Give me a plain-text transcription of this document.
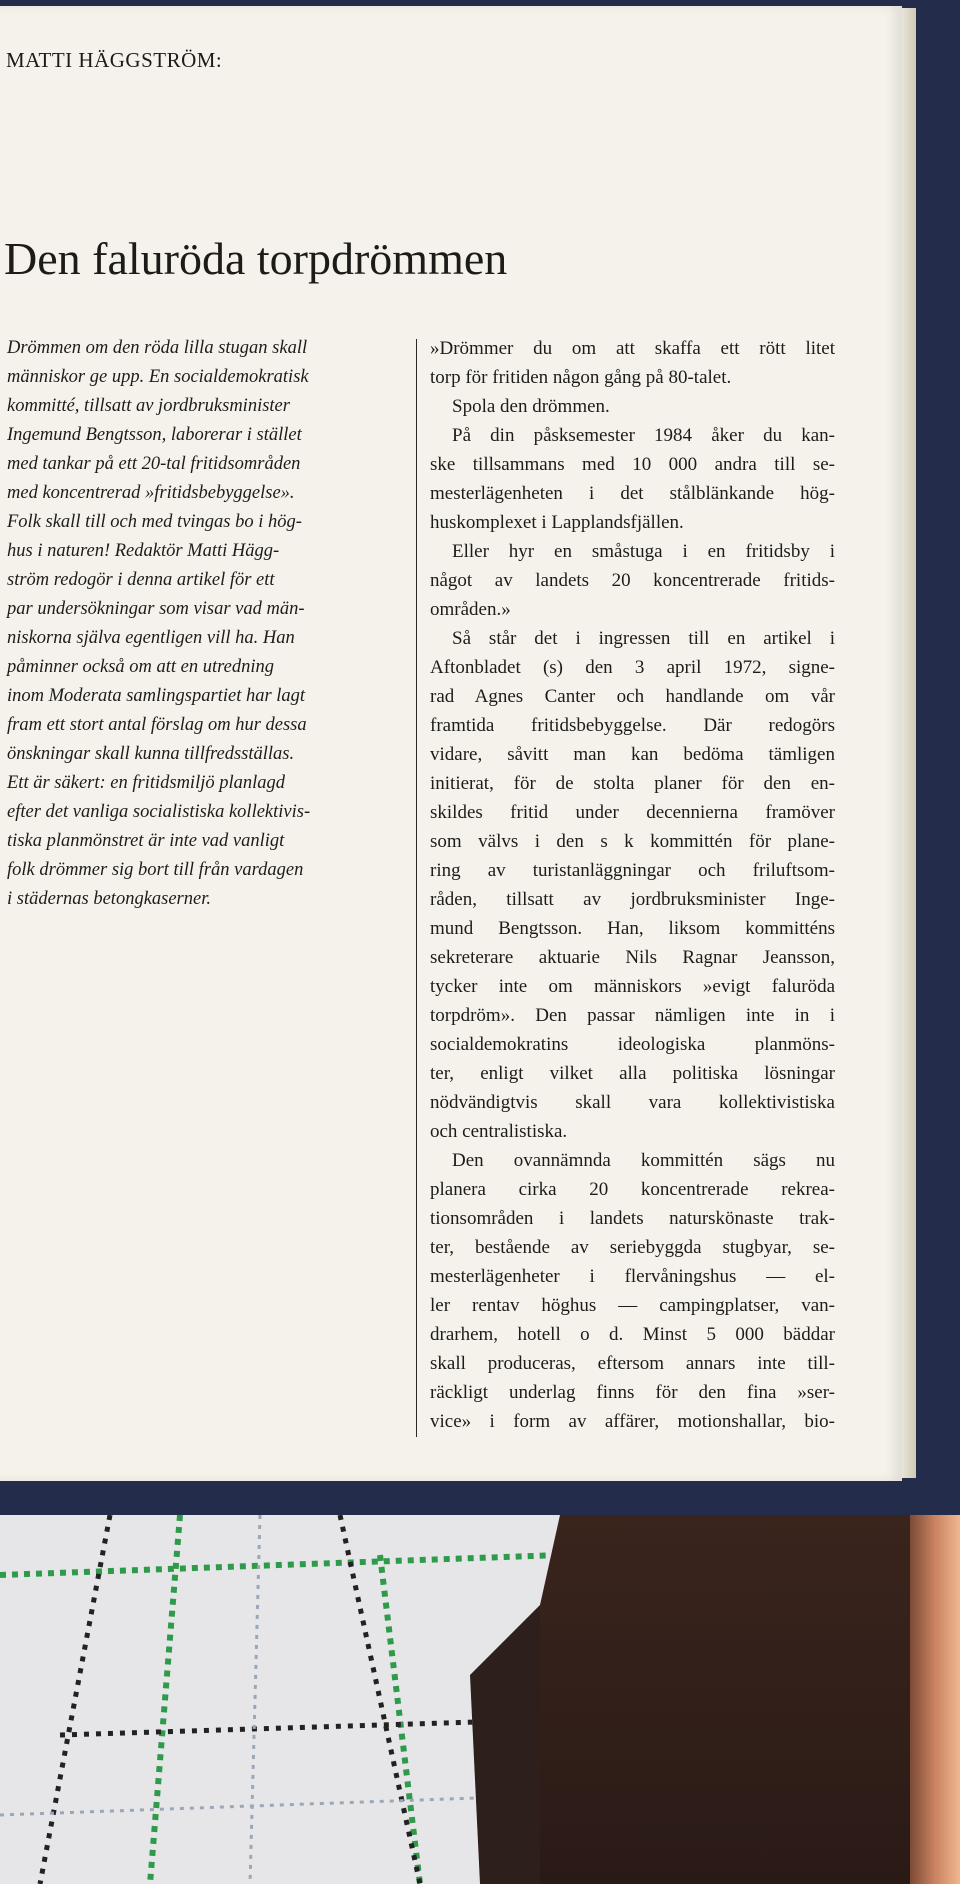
MATTI HÄGGSTRÖM:
Den faluröda torpdrömmen
Drömmen om den röda lilla stugan skall
människor ge upp. En socialdemokratisk
kommitté, tillsatt av jordbruksminister
Ingemund Bengtsson, laborerar i stället
med tankar på ett 20-tal fritidsområden
med koncentrerad »fritidsbebyggelse».
Folk skall till och med tvingas bo i hög-
hus i naturen! Redaktör Matti Hägg-
ström redogör i denna artikel för ett
par undersökningar som visar vad män-
niskorna själva egentligen vill ha. Han
påminner också om att en utredning
inom Moderata samlingspartiet har lagt
fram ett stort antal förslag om hur dessa
önskningar skall kunna tillfredsställas.
Ett är säkert: en fritidsmiljö planlagd
efter det vanliga socialistiska kollektivis-
tiska planmönstret är inte vad vanligt
folk drömmer sig bort till från vardagen
i städernas betongkaserner.
»Drömmer du om att skaffa ett rött litet
torp för fritiden någon gång på 80-talet.
Spola den drömmen.
På din påsksemester 1984 åker du kan-
ske tillsammans med 10 000 andra till se-
mesterlägenheten i det stålblänkande hög-
huskomplexet i Lapplandsfjällen.
Eller hyr en småstuga i en fritidsby i
något av landets 20 koncentrerade fritids-
områden.»
Så står det i ingressen till en artikel i
Aftonbladet (s) den 3 april 1972, signe-
rad Agnes Canter och handlande om vår
framtida fritidsbebyggelse. Där redogörs
vidare, såvitt man kan bedöma tämligen
initierat, för de stolta planer för den en-
skildes fritid under decennierna framöver
som välvs i den s k kommittén för plane-
ring av turistanläggningar och friluftsom-
råden, tillsatt av jordbruksminister Inge-
mund Bengtsson. Han, liksom kommitténs
sekreterare aktuarie Nils Ragnar Jeansson,
tycker inte om människors »evigt faluröda
torpdröm». Den passar nämligen inte in i
socialdemokratins ideologiska planmöns-
ter, enligt vilket alla politiska lösningar
nödvändigtvis skall vara kollektivistiska
och centralistiska.
Den ovannämnda kommittén sägs nu
planera cirka 20 koncentrerade rekrea-
tionsområden i landets naturskönaste trak-
ter, bestående av seriebyggda stugbyar, se-
mesterlägenheter i flervåningshus — el-
ler rentav höghus — campingplatser, van-
drarhem, hotell o d. Minst 5 000 bäddar
skall produceras, eftersom annars inte till-
räckligt underlag finns för den fina »ser-
vice» i form av affärer, motionshallar, bio-
